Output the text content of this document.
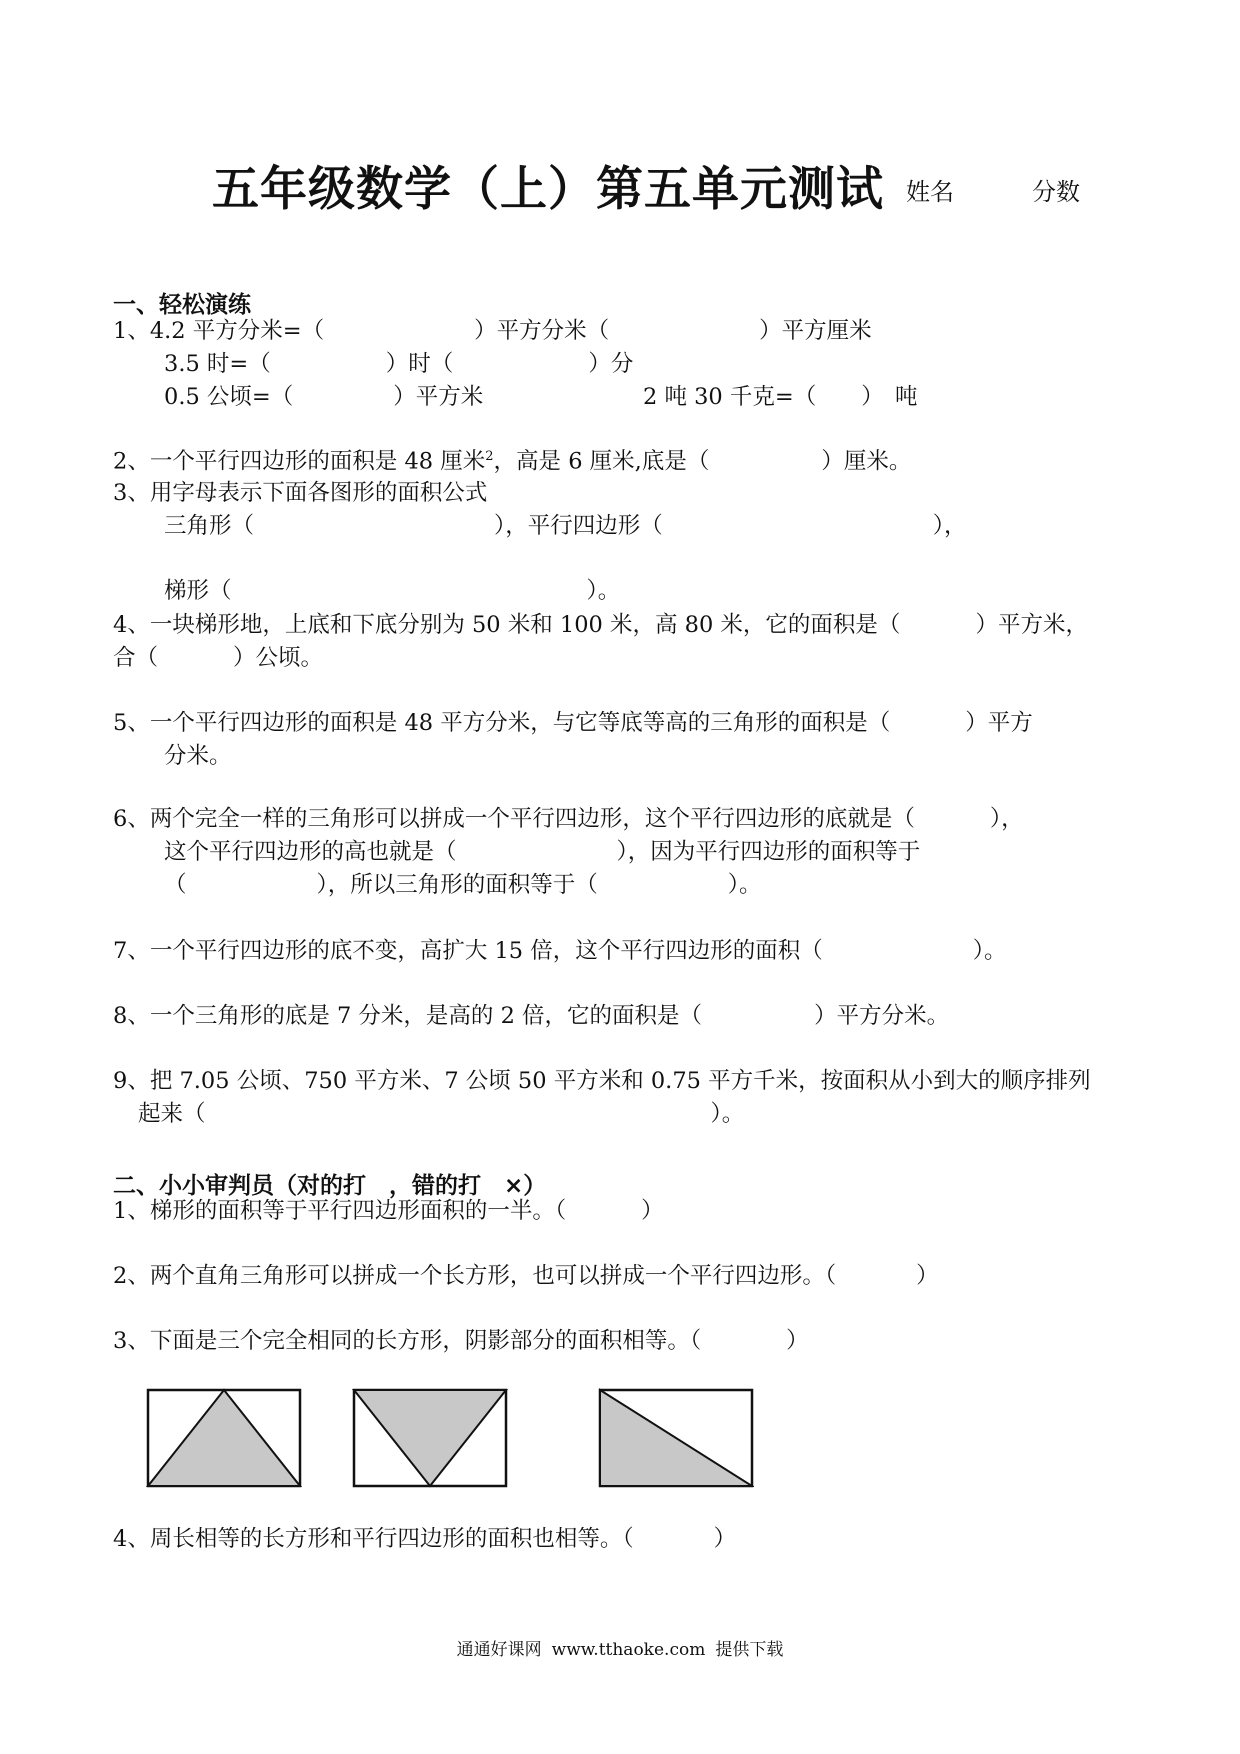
五年级数学（上）第五单元测试 姓名	分数
一、轻松演练
1、4.2 平方分米=（	）平方分米（	）平方厘米
3.5 时=（	）时（	）分
0.5 公顷=（	）平方米	2 吨 30 千克=（　　）　吨
2、一个平行四边形的面积是 48 厘米$^2$，高是 6 厘米,底是（	）厘米。
3、用字母表示下面各图形的面积公式
三角形（	），平行四边形（	），
梯形（	）。
4、一块梯形地，上底和下底分别为 50 米和 100 米，高 80 米，它的面积是（	）平方米，
合（	）公顷。
5、一个平行四边形的面积是 48 平方分米，与它等底等高的三角形的面积是（	）平方
分米。
6、两个完全一样的三角形可以拼成一个平行四边形，这个平行四边形的底就是（	），
这个平行四边形的高也就是（	），因为平行四边形的面积等于
（	），所以三角形的面积等于（	）。
7、一个平行四边形的底不变，高扩大 15 倍，这个平行四边形的面积（	）。
8、一个三角形的底是 7 分米，是高的 2 倍，它的面积是（	）平方分米。
9、把 7.05 公顷、750 平方米、7 公顷 50 平方米和 0.75 平方千米，按面积从小到大的顺序排列
起来（	）。
二、小小审判员（对的打　，错的打　×）
1、梯形的面积等于平行四边形面积的一半。（	）
2、两个直角三角形可以拼成一个长方形，也可以拼成一个平行四边形。（	）
3、下面是三个完全相同的长方形，阴影部分的面积相等。（	）
4、周长相等的长方形和平行四边形的面积也相等。（	）
通通好课网 www.tthaoke.com 提供下载
